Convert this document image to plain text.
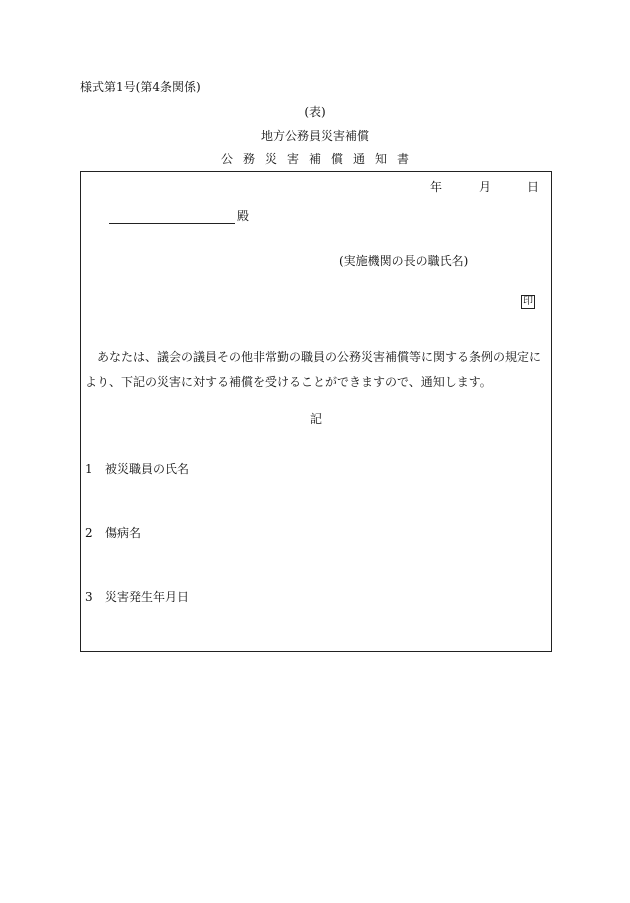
様式第1号(第4条関係)
(表)
地方公務員災害補償
公務災害補償通知書
年	月	日
殿
(実施機関の長の職氏名)
印
あなたは、議会の議員その他非常勤の職員の公務災害補償等に関する条例の規定により、下記の災害に対する補償を受けることができますので、通知します。
記
1 被災職員の氏名
2 傷病名
3 災害発生年月日
